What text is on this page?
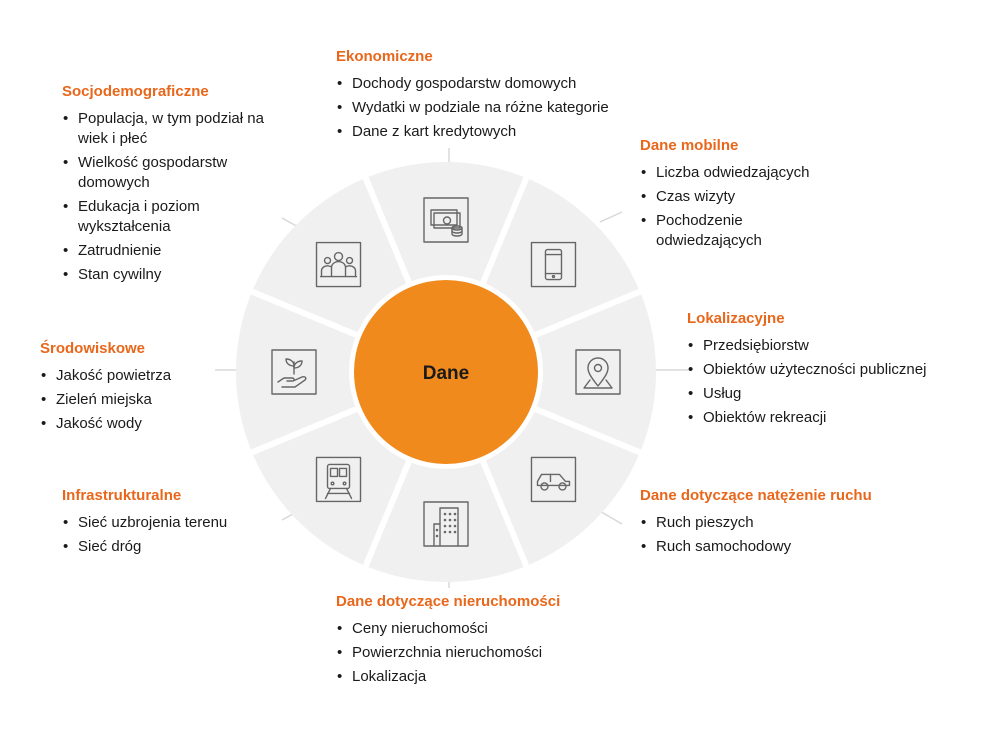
Dane
Ekonomiczne
• Dochody gospodarstw domowych
• Wydatki w podziale na różne kategorie
• Dane z kart kredytowych
Dane mobilne
• Liczba odwiedzających
• Czas wizyty
• Pochodzenie odwiedzających
Lokalizacyjne
• Przedsiębiorstw
• Obiektów użyteczności publicznej
• Usług
• Obiektów rekreacji
Dane dotyczące natężenie ruchu
• Ruch pieszych
• Ruch samochodowy
Dane dotyczące nieruchomości
• Ceny nieruchomości
• Powierzchnia nieruchomości
• Lokalizacja
Infrastrukturalne
• Sieć uzbrojenia terenu
• Sieć dróg
Środowiskowe
• Jakość powietrza
• Zieleń miejska
• Jakość wody
Socjodemograficzne
• Populacja, w tym podział na wiek i płeć
• Wielkość gospodarstw domowych
• Edukacja i poziom wykształcenia
• Zatrudnienie
• Stan cywilny
